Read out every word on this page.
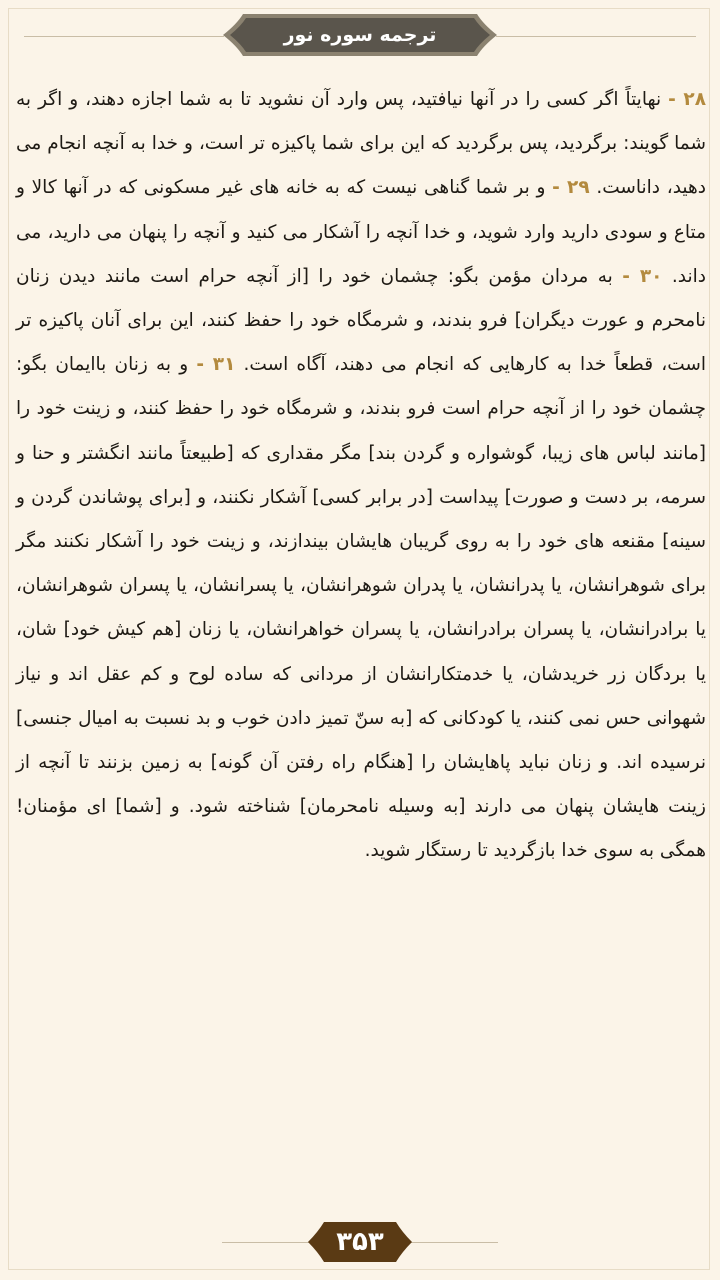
ترجمه سوره نور

۲۸ - نهایتاً اگر کسی را در آنها نیافتید، پس وارد آن نشوید تا به شما اجازه دهند، و اگر به شما گویند: برگردید، پس برگردید که این برای شما پاکیزه تر است، و خدا به آنچه انجام می دهید، داناست. ۲۹ - و بر شما گناهی نیست که به خانه های غیر مسکونی که در آنها کالا و متاع و سودی دارید وارد شوید، و خدا آنچه را آشکار می کنید و آنچه را پنهان می دارید، می داند. ۳۰ - به مردان مؤمن بگو: چشمان خود را [از آنچه حرام است مانند دیدن زنان نامحرم و عورت دیگران] فرو بندند، و شرمگاه خود را حفظ کنند، این برای آنان پاکیزه تر است، قطعاً خدا به کارهایی که انجام می دهند، آگاه است. ۳۱ - و به زنان باایمان بگو: چشمان خود را از آنچه حرام است فرو بندند، و شرمگاه خود را حفظ کنند، و زینت خود را [مانند لباس های زیبا، گوشواره و گردن بند] مگر مقداری که [طبیعتاً مانند انگشتر و حنا و سرمه، بر دست و صورت] پیداست [در برابر کسی] آشکار نکنند، و [برای پوشاندن گردن و سینه] مقنعه های خود را به روی گریبان هایشان بیندازند، و زینت خود را آشکار نکنند مگر برای شوهرانشان، یا پدرانشان، یا پدران شوهرانشان، یا پسرانشان، یا پسران شوهرانشان، یا برادرانشان، یا پسران برادرانشان، یا پسران خواهرانشان، یا زنان [هم کیش خود] شان، یا بردگان زر خریدشان، یا خدمتکارانشان از مردانی که ساده لوح و کم عقل اند و نیاز شهوانی حس نمی کنند، یا کودکانی که [به سنّ تمیز دادن خوب و بد نسبت به امیال جنسی] نرسیده اند. و زنان نباید پاهایشان را [هنگام راه رفتن آن گونه] به زمین بزنند تا آنچه از زینت هایشان پنهان می دارند [به وسیله نامحرمان] شناخته شود. و [شما] ای مؤمنان! همگی به سوی خدا بازگردید تا رستگار شوید.

۳۵۳
